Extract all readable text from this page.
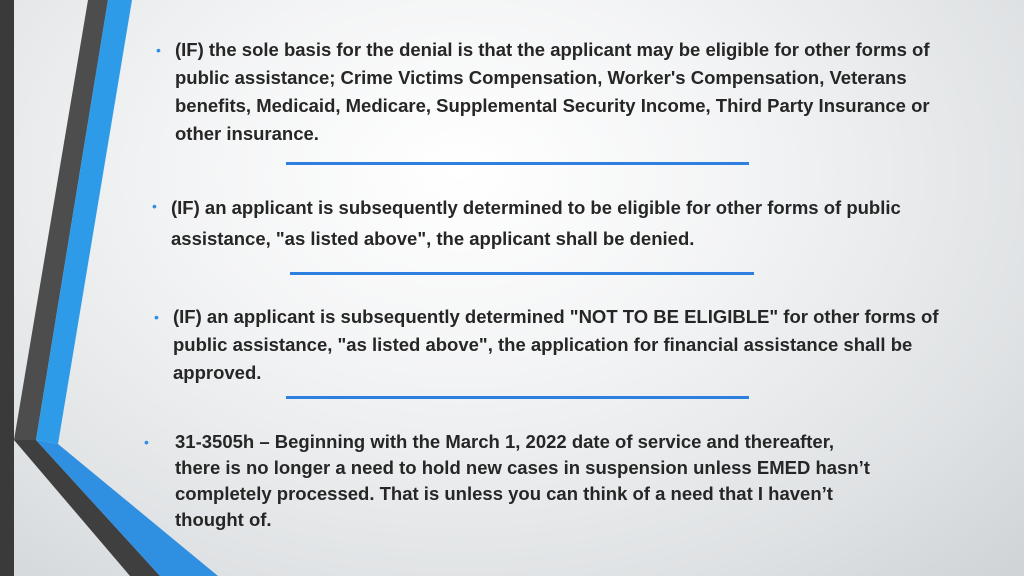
• (IF) the sole basis for the denial is that the applicant may be eligible for other forms of public assistance; Crime Victims Compensation, Worker's Compensation, Veterans benefits, Medicaid, Medicare, Supplemental Security Income, Third Party Insurance or other insurance.
• (IF) an applicant is subsequently determined to be eligible for other forms of public assistance, "as listed above", the applicant shall be denied.
• (IF) an applicant is subsequently determined "NOT TO BE ELIGIBLE" for other forms of public assistance, "as listed above", the application for financial assistance shall be approved.
• 31-3505h – Beginning with the March 1, 2022 date of service and thereafter, there is no longer a need to hold new cases in suspension unless EMED hasn’t completely processed. That is unless you can think of a need that I haven’t thought of.
